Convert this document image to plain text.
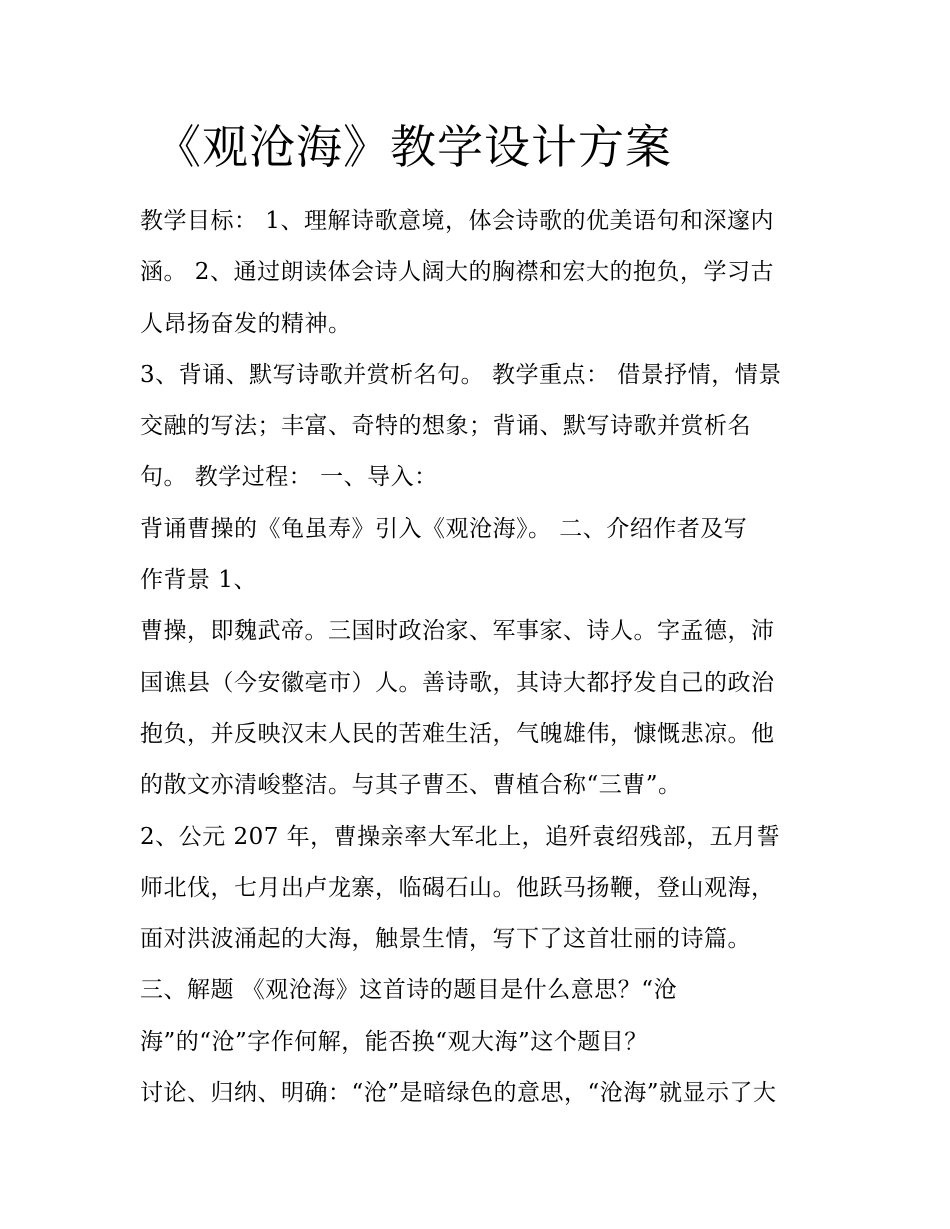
《观沧海》教学设计方案
教学目标： 1、理解诗歌意境，体会诗歌的优美语句和深邃内
涵。 2、通过朗读体会诗人阔大的胸襟和宏大的抱负，学习古
人昂扬奋发的精神。
3、背诵、默写诗歌并赏析名句。 教学重点： 借景抒情，情景
交融的写法；丰富、奇特的想象；背诵、默写诗歌并赏析名
句。 教学过程： 一、导入：
背诵曹操的《龟虽寿》引入《观沧海》。 二、介绍作者及写
作背景 1、
曹操，即魏武帝。三国时政治家、军事家、诗人。字孟德，沛
国谯县（今安徽亳市）人。善诗歌，其诗大都抒发自己的政治
抱负，并反映汉末人民的苦难生活，气魄雄伟，慷慨悲凉。他
的散文亦清峻整洁。与其子曹丕、曹植合称“三曹”。
2、公元 207 年，曹操亲率大军北上，追歼袁绍残部，五月誓
师北伐，七月出卢龙寨，临碣石山。他跃马扬鞭，登山观海，
面对洪波涌起的大海，触景生情，写下了这首壮丽的诗篇。
三、解题 《观沧海》这首诗的题目是什么意思？“沧
海”的“沧”字作何解，能否换“观大海”这个题目？
讨论、归纳、明确：“沧”是暗绿色的意思，“沧海”就显示了大
